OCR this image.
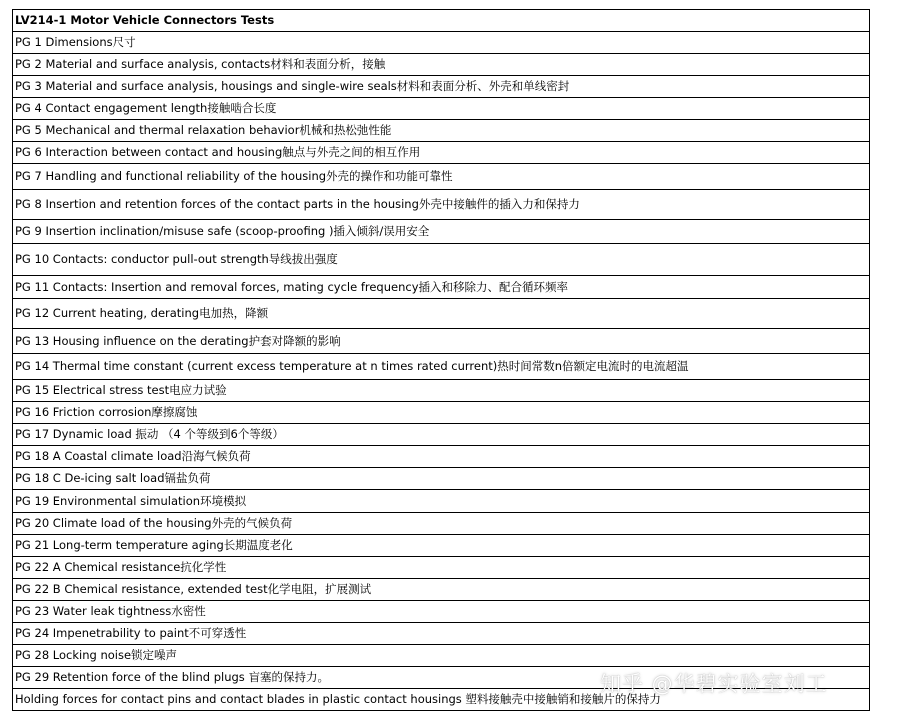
LV214-1 Motor Vehicle Connectors Tests
PG 1 Dimensions尺寸
PG 2 Material and surface analysis, contacts材料和表面分析，接触
PG 3 Material and surface analysis, housings and single-wire seals材料和表面分析、外壳和单线密封
PG 4 Contact engagement length接触啮合长度
PG 5 Mechanical and thermal relaxation behavior机械和热松弛性能
PG 6 Interaction between contact and housing触点与外壳之间的相互作用
PG 7 Handling and functional reliability of the housing外壳的操作和功能可靠性
PG 8 Insertion and retention forces of the contact parts in the housing外壳中接触件的插入力和保持力
PG 9 Insertion inclination/misuse safe (scoop-proofing )插入倾斜/误用安全
PG 10 Contacts: conductor pull-out strength导线拔出强度
PG 11 Contacts: Insertion and removal forces, mating cycle frequency插入和移除力、配合循环频率
PG 12 Current heating, derating电加热，降额
PG 13 Housing influence on the derating护套对降额的影响
PG 14 Thermal time constant (current excess temperature at n times rated current)热时间常数n倍额定电流时的电流超温
PG 15 Electrical stress test电应力试验
PG 16 Friction corrosion摩擦腐蚀
PG 17 Dynamic load 振动 （4 个等级到6个等级）
PG 18 A Coastal climate load沿海气候负荷
PG 18 C De-icing salt load镉盐负荷
PG 19 Environmental simulation环境模拟
PG 20 Climate load of the housing外壳的气候负荷
PG 21 Long-term temperature aging长期温度老化
PG 22 A Chemical resistance抗化学性
PG 22 B Chemical resistance, extended test化学电阻，扩展测试
PG 23 Water leak tightness水密性
PG 24 Impenetrability to paint不可穿透性
PG 28 Locking noise锁定噪声
PG 29 Retention force of the blind plugs 盲塞的保持力。
Holding forces for contact pins and contact blades in plastic contact housings 塑料接触壳中接触销和接触片的保持力
知乎 @华碧实验室刘工
